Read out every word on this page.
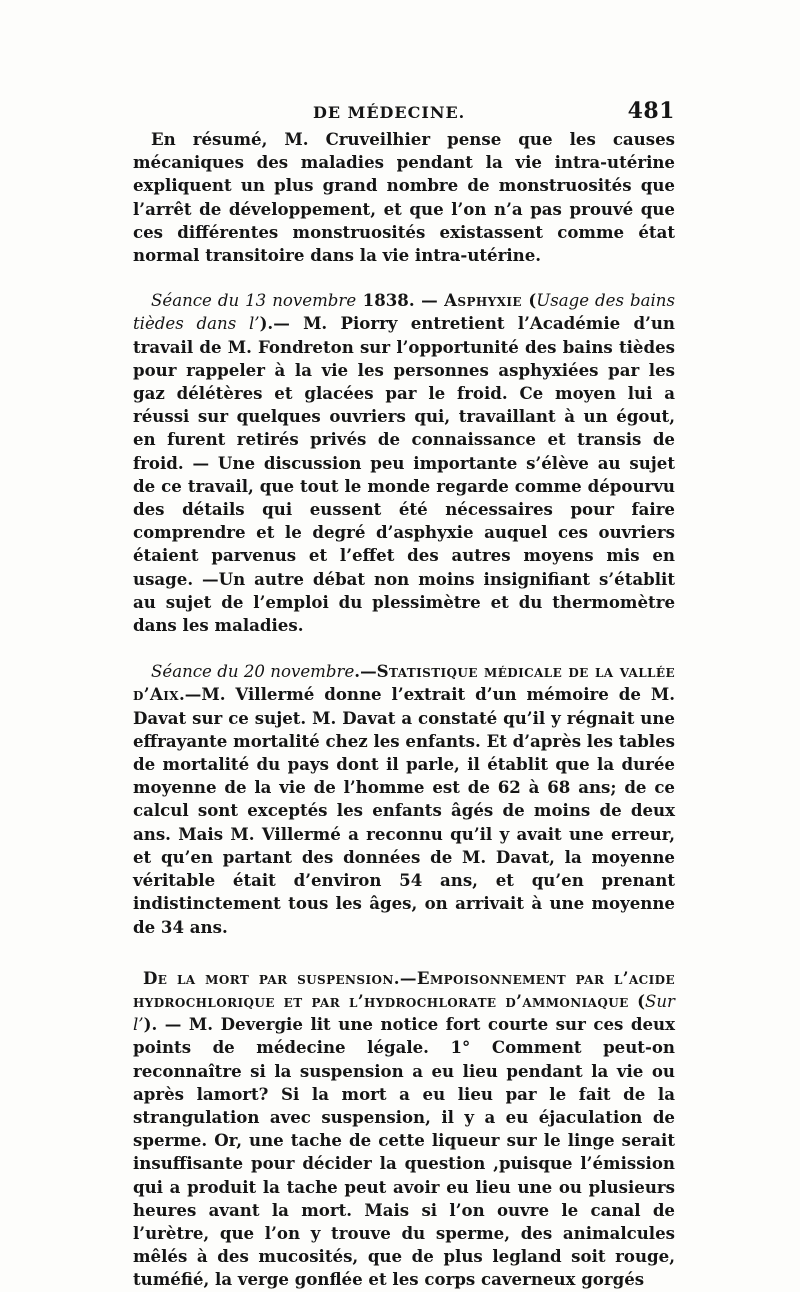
DE MÉDECINE.	481

En résumé, M. Cruveilhier pense que les causes mécaniques des maladies pendant la vie intra-utérine expliquent un plus grand nombre de monstruosités que l’arrêt de développement, et que l’on n’a pas prouvé que ces différentes monstruosités existassent comme état normal transitoire dans la vie intra-utérine.

Séance du 13 novembre 1838. — Asphyxie (Usage des bains tièdes dans l’).— M. Piorry entretient l’Académie d’un travail de M. Fondreton sur l’opportunité des bains tièdes pour rappeler à la vie les personnes asphyxiées par les gaz délétères et glacées par le froid. Ce moyen lui a réussi sur quelques ouvriers qui, travaillant à un égout, en furent retirés privés de connaissance et transis de froid. — Une discussion peu importante s’élève au sujet de ce travail, que tout le monde regarde comme dépourvu des détails qui eussent été nécessaires pour faire comprendre et le degré d’asphyxie auquel ces ouvriers étaient parvenus et l’effet des autres moyens mis en usage. —Un autre débat non moins insignifiant s’établit au sujet de l’emploi du plessimètre et du thermomètre dans les maladies.

Séance du 20 novembre.—Statistique médicale de la vallée d’Aix.—M. Villermé donne l’extrait d’un mémoire de M. Davat sur ce sujet. M. Davat a constaté qu’il y régnait une effrayante mortalité chez les enfants. Et d’après les tables de mortalité du pays dont il parle, il établit que la durée moyenne de la vie de l’homme est de 62 à 68 ans; de ce calcul sont exceptés les enfants âgés de moins de deux ans. Mais M. Villermé a reconnu qu’il y avait une erreur, et qu’en partant des données de M. Davat, la moyenne véritable était d’environ 54 ans, et qu’en prenant indistinctement tous les âges, on arrivait à une moyenne de 34 ans.

De la mort par suspension.—Empoisonnement par l’acide hydrochlorique et par l’hydrochlorate d’ammoniaque (Sur l’). — M. Devergie lit une notice fort courte sur ces deux points de médecine légale. 1° Comment peut-on reconnaître si la suspension a eu lieu pendant la vie ou après lamort? Si la mort a eu lieu par le fait de la strangulation avec suspension, il y a eu éjaculation de sperme. Or, une tache de cette liqueur sur le linge serait insuffisante pour décider la question ,puisque l’émission qui a produit la tache peut avoir eu lieu une ou plusieurs heures avant la mort. Mais si l’on ouvre le canal de l’urètre, que l’on y trouve du sperme, des animalcules mêlés à des mucosités, que de plus legland soit rouge, tuméfié, la verge gonflée et les corps caverneux gorgés
